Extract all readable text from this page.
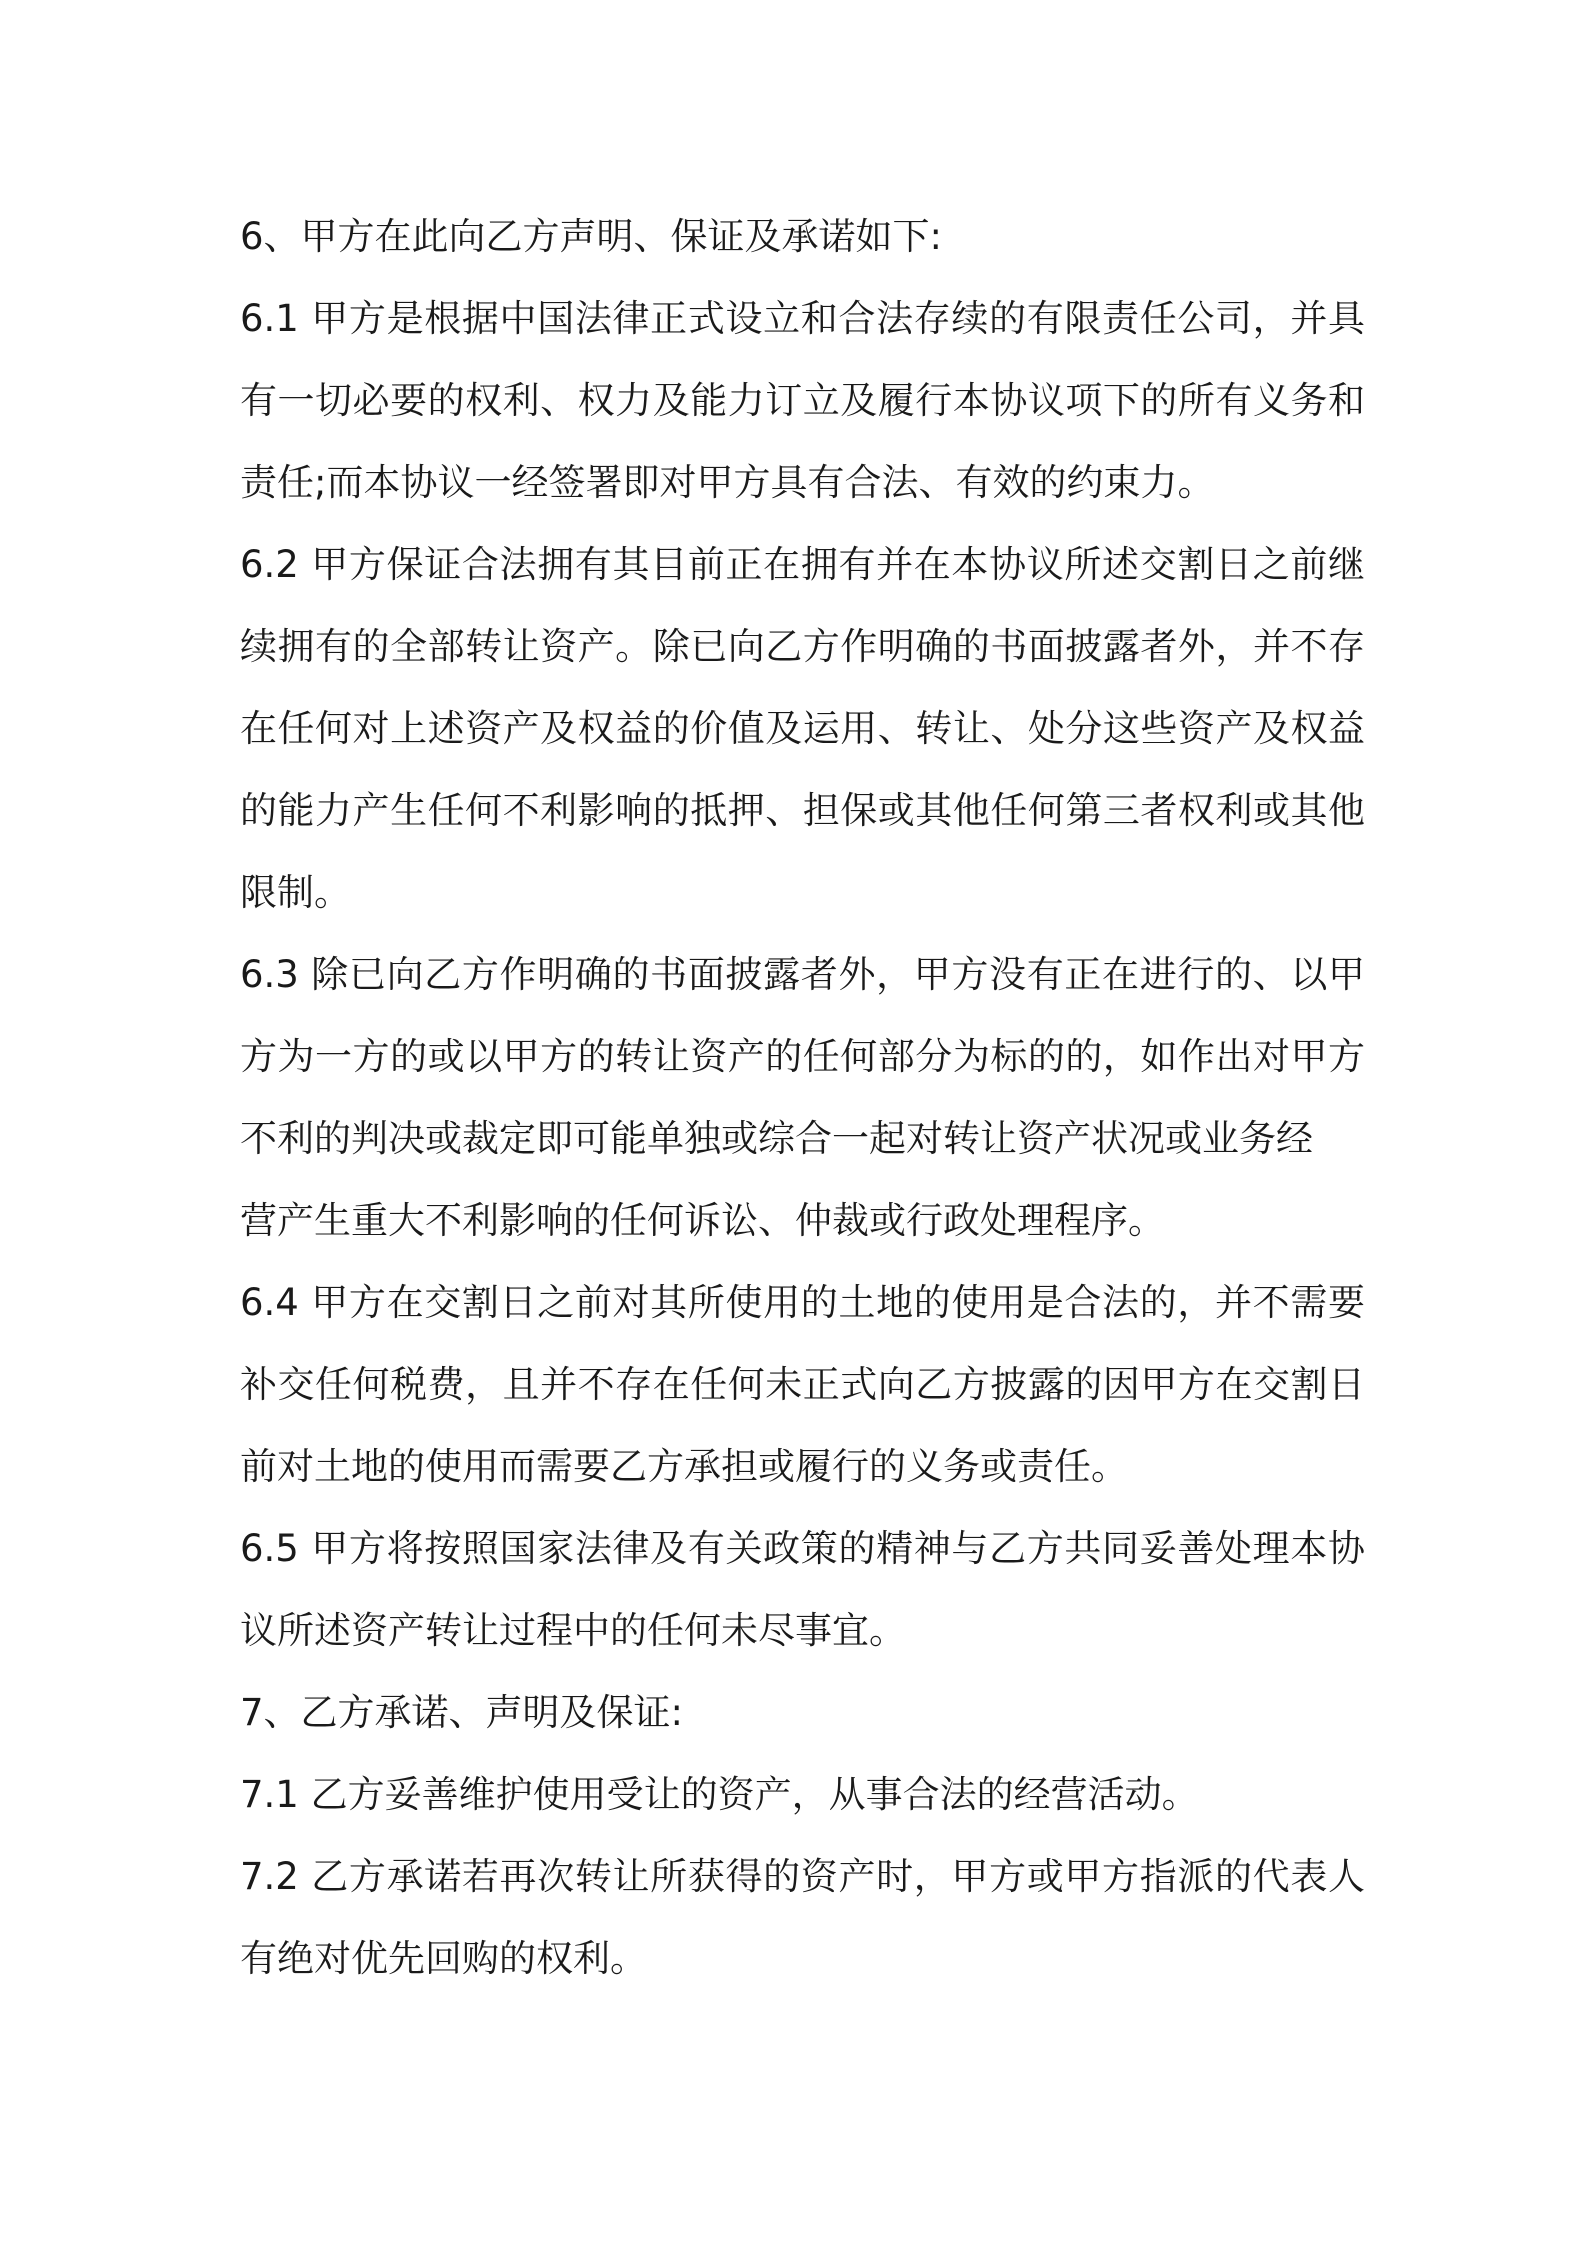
6、甲方在此向乙方声明、保证及承诺如下:
6.1 甲方是根据中国法律正式设立和合法存续的有限责任公司，并具
有一切必要的权利、权力及能力订立及履行本协议项下的所有义务和
责任;而本协议一经签署即对甲方具有合法、有效的约束力。
6.2 甲方保证合法拥有其目前正在拥有并在本协议所述交割日之前继
续拥有的全部转让资产。除已向乙方作明确的书面披露者外，并不存
在任何对上述资产及权益的价值及运用、转让、处分这些资产及权益
的能力产生任何不利影响的抵押、担保或其他任何第三者权利或其他
限制。
6.3 除已向乙方作明确的书面披露者外，甲方没有正在进行的、以甲
方为一方的或以甲方的转让资产的任何部分为标的的，如作出对甲方
不利的判决或裁定即可能单独或综合一起对转让资产状况或业务经
营产生重大不利影响的任何诉讼、仲裁或行政处理程序。
6.4 甲方在交割日之前对其所使用的土地的使用是合法的，并不需要
补交任何税费，且并不存在任何未正式向乙方披露的因甲方在交割日
前对土地的使用而需要乙方承担或履行的义务或责任。
6.5 甲方将按照国家法律及有关政策的精神与乙方共同妥善处理本协
议所述资产转让过程中的任何未尽事宜。
7、乙方承诺、声明及保证:
7.1 乙方妥善维护使用受让的资产，从事合法的经营活动。
7.2 乙方承诺若再次转让所获得的资产时，甲方或甲方指派的代表人
有绝对优先回购的权利。
